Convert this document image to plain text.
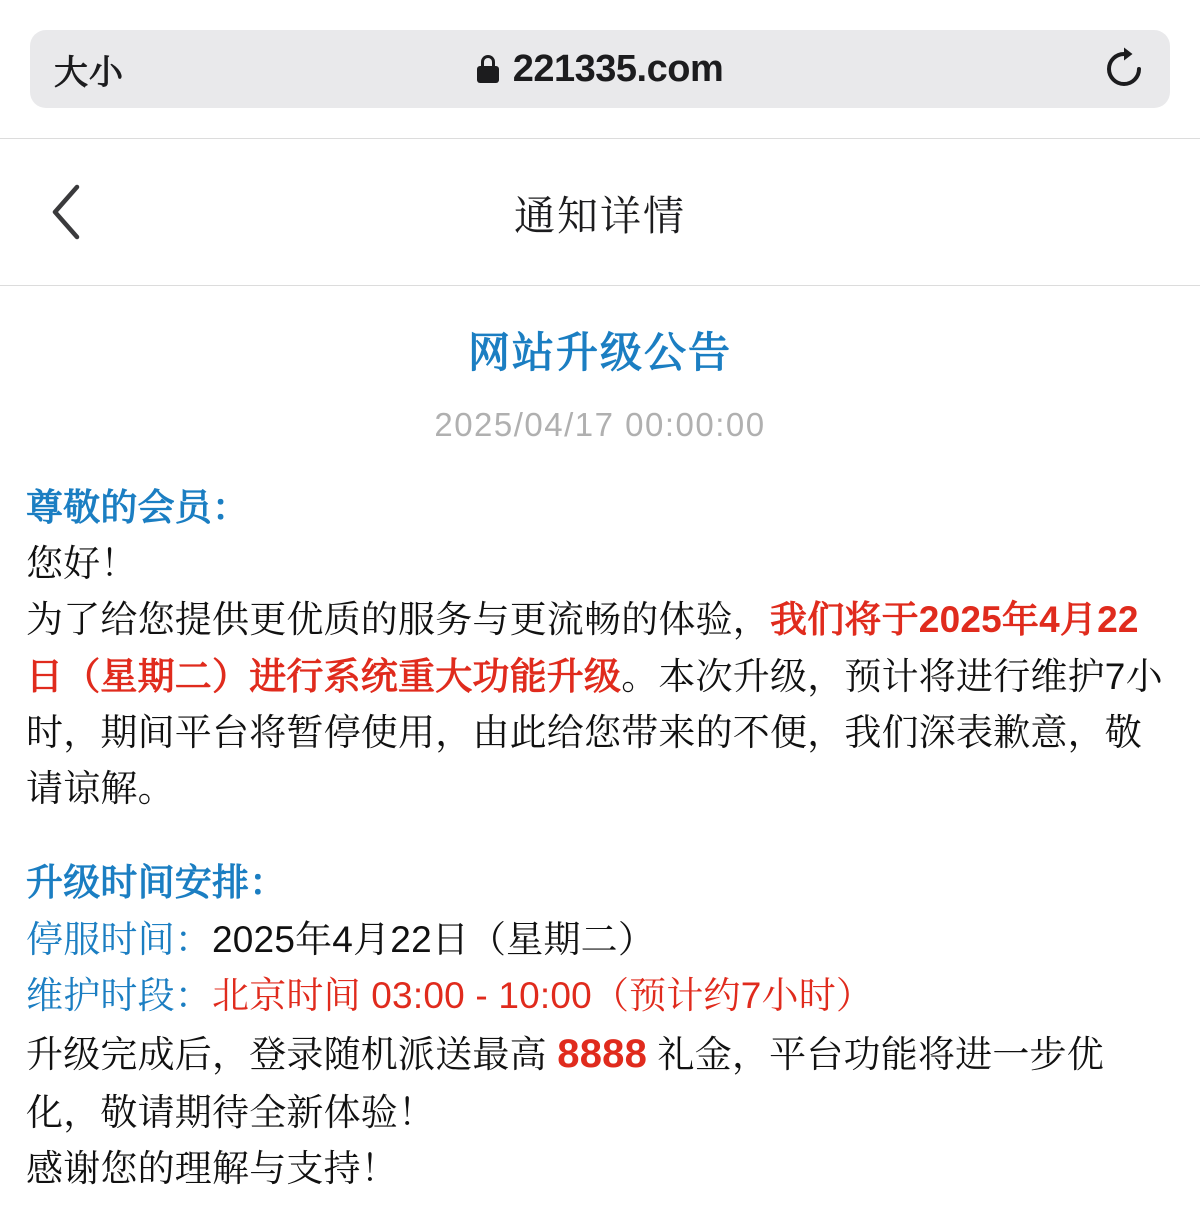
大小	221335.com
通知详情
网站升级公告
2025/04/17 00:00:00

尊敬的会员：

您好！

为了给您提供更优质的服务与更流畅的体验，我们将于2025年4月22日（星期二）进行系统重大功能升级。本次升级，预计将进行维护7小时，期间平台将暂停使用，由此给您带来的不便，我们深表歉意，敬请谅解。

升级时间安排：

停服时间：2025年4月22日（星期二）

维护时段：北京时间 03:00 - 10:00（预计约7小时）

升级完成后，登录随机派送最高 8888 礼金，平台功能将进一步优化，敬请期待全新体验！

感谢您的理解与支持！
